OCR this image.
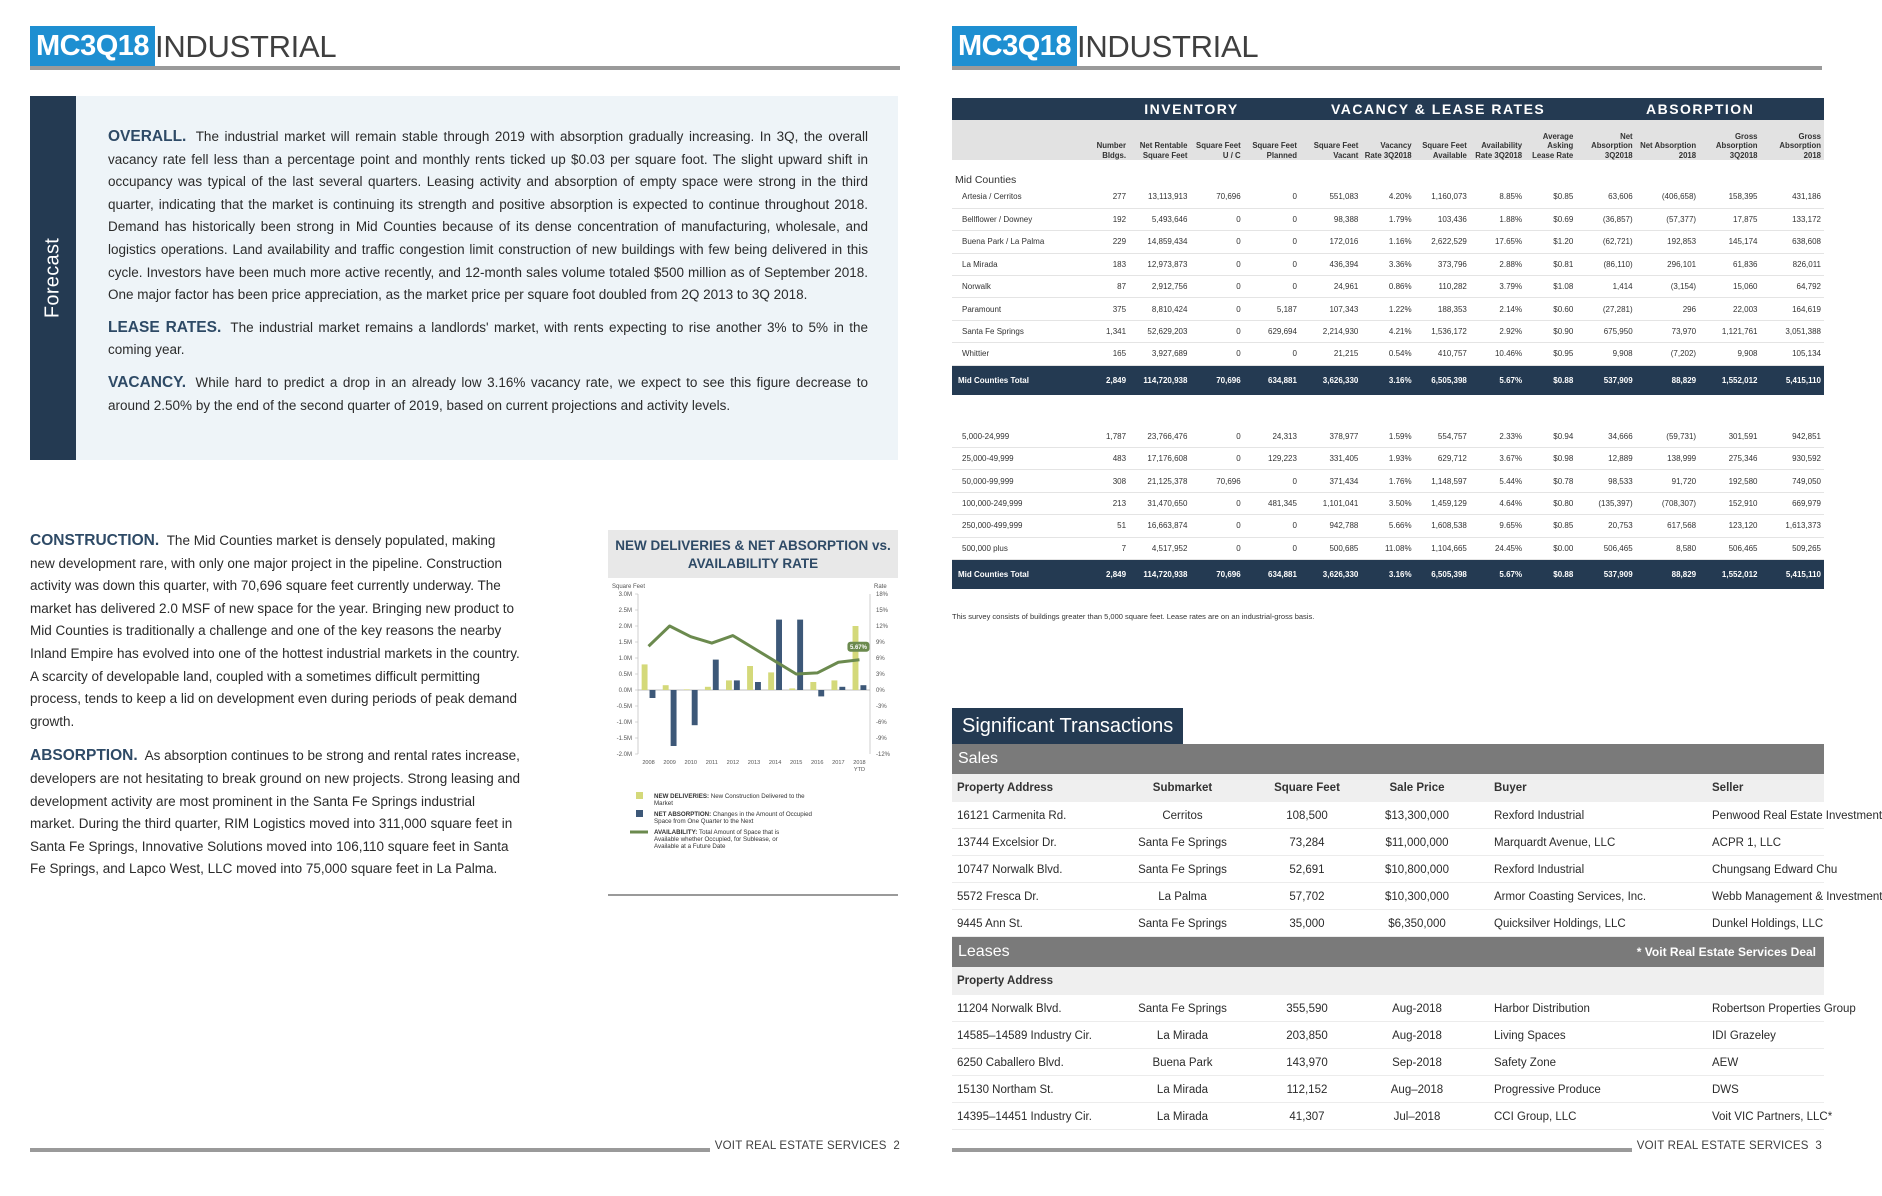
MC3Q18 INDUSTRIAL
Forecast

OVERALL. The industrial market will remain stable through 2019 with absorption gradually increasing. In 3Q, the overall vacancy rate fell less than a percentage point and monthly rents ticked up $0.03 per square foot. The slight upward shift in occupancy was typical of the last several quarters. Leasing activity and absorption of empty space were strong in the third quarter, indicating that the market is continuing its strength and positive absorption is expected to continue throughout 2018. Demand has historically been strong in Mid Counties because of its dense concentration of manufacturing, wholesale, and logistics operations. Land availability and traffic congestion limit construction of new buildings with few being delivered in this cycle. Investors have been much more active recently, and 12-month sales volume totaled $500 million as of September 2018. One major factor has been price appreciation, as the market price per square foot doubled from 2Q 2013 to 3Q 2018.

LEASE RATES. The industrial market remains a landlords' market, with rents expecting to rise another 3% to 5% in the coming year.

VACANCY. While hard to predict a drop in an already low 3.16% vacancy rate, we expect to see this figure decrease to around 2.50% by the end of the second quarter of 2019, based on current projections and activity levels.

CONSTRUCTION. The Mid Counties market is densely populated, making new development rare, with only one major project in the pipeline. Construction activity was down this quarter, with 70,696 square feet currently underway. The market has delivered 2.0 MSF of new space for the year. Bringing new product to Mid Counties is traditionally a challenge and one of the key reasons the nearby Inland Empire has evolved into one of the hottest industrial markets in the country. A scarcity of developable land, coupled with a sometimes difficult permitting process, tends to keep a lid on development even during periods of peak demand growth.

ABSORPTION. As absorption continues to be strong and rental rates increase, developers are not hesitating to break ground on new projects. Strong leasing and development activity are most prominent in the Santa Fe Springs industrial market. During the third quarter, RIM Logistics moved into 311,000 square feet in Santa Fe Springs, Innovative Solutions moved into 106,110 square feet in Santa Fe Springs, and Lapco West, LLC moved into 75,000 square feet in La Palma.

NEW DELIVERIES & NET ABSORPTION vs. AVAILABILITY RATE
Square Feet	Rate
3.0M
2.5M
2.0M
1.5M
1.0M
0.5M
0.0M
-0.5M
-1.0M
-1.5M
-2.0M
18%
15%
12%
9%
6%
3%
0%
-3%
-6%
-9%
-12%
2008 2009 2010 2011 2012 2013 2014 2015 2016 2017 2018
YTD
5.67%
NEW DELIVERIES: New Construction Delivered to the
Market
NET ABSORPTION: Changes in the Amount of Occupied
Space from One Quarter to the Next
AVAILABILITY: Total Amount of Space that is
Available whether Occupied, for Sublease, or
Available at a Future Date
VOIT REAL ESTATE SERVICES 2
MC3Q18 INDUSTRIAL
	INVENTORY				VACANCY & LEASE RATES					ABSORPTION			
	Number Bldgs.	Net Rentable Square Feet	Square Feet U / C	Square Feet Planned	Square Feet Vacant	Vacancy Rate 3Q2018	Square Feet Available	Availability Rate 3Q2018	Average Asking Lease Rate	Net Absorption 3Q2018	Net Absorption 2018	Gross Absorption 3Q2018	Gross Absorption 2018
Mid Counties													
Artesia / Cerritos	277	13,113,913	70,696	0	551,083	4.20%	1,160,073	8.85%	$0.85	63,606	(406,658)	158,395	431,186
Bellflower / Downey	192	5,493,646	0	0	98,388	1.79%	103,436	1.88%	$0.69	(36,857)	(57,377)	17,875	133,172
Buena Park / La Palma	229	14,859,434	0	0	172,016	1.16%	2,622,529	17.65%	$1.20	(62,721)	192,853	145,174	638,608
La Mirada	183	12,973,873	0	0	436,394	3.36%	373,796	2.88%	$0.81	(86,110)	296,101	61,836	826,011
Norwalk	87	2,912,756	0	0	24,961	0.86%	110,282	3.79%	$1.08	1,414	(3,154)	15,060	64,792
Paramount	375	8,810,424	0	5,187	107,343	1.22%	188,353	2.14%	$0.60	(27,281)	296	22,003	164,619
Santa Fe Springs	1,341	52,629,203	0	629,694	2,214,930	4.21%	1,536,172	2.92%	$0.90	675,950	73,970	1,121,761	3,051,388
Whittier	165	3,927,689	0	0	21,215	0.54%	410,757	10.46%	$0.95	9,908	(7,202)	9,908	105,134
Mid Counties Total	2,849	114,720,938	70,696	634,881	3,626,330	3.16%	6,505,398	5.67%	$0.88	537,909	88,829	1,552,012	5,415,110

5,000-24,999	1,787	23,766,476	0	24,313	378,977	1.59%	554,757	2.33%	$0.94	34,666	(59,731)	301,591	942,851
25,000-49,999	483	17,176,608	0	129,223	331,405	1.93%	629,712	3.67%	$0.98	12,889	138,999	275,346	930,592
50,000-99,999	308	21,125,378	70,696	0	371,434	1.76%	1,148,597	5.44%	$0.78	98,533	91,720	192,580	749,050
100,000-249,999	213	31,470,650	0	481,345	1,101,041	3.50%	1,459,129	4.64%	$0.80	(135,397)	(708,307)	152,910	669,979
250,000-499,999	51	16,663,874	0	0	942,788	5.66%	1,608,538	9.65%	$0.85	20,753	617,568	123,120	1,613,373
500,000 plus	7	4,517,952	0	0	500,685	11.08%	1,104,665	24.45%	$0.00	506,465	8,580	506,465	509,265
Mid Counties Total	2,849	114,720,938	70,696	634,881	3,626,330	3.16%	6,505,398	5.67%	$0.88	537,909	88,829	1,552,012	5,415,110
This survey consists of buildings greater than 5,000 square feet. Lease rates are on an industrial-gross basis.
Significant Transactions
Sales
Property Address	Submarket	Square Feet	Sale Price	Buyer	Seller
16121 Carmenita Rd.	Cerritos	108,500	$13,300,000	Rexford Industrial	Penwood Real Estate Investment
13744 Excelsior Dr.	Santa Fe Springs	73,284	$11,000,000	Marquardt Avenue, LLC	ACPR 1, LLC
10747 Norwalk Blvd.	Santa Fe Springs	52,691	$10,800,000	Rexford Industrial	Chungsang Edward Chu
5572 Fresca Dr.	La Palma	57,702	$10,300,000	Armor Coasting Services, Inc.	Webb Management & Investment
9445 Ann St.	Santa Fe Springs	35,000	$6,350,000	Quicksilver Holdings, LLC	Dunkel Holdings, LLC
Leases	* Voit Real Estate Services Deal
Property Address
11204 Norwalk Blvd.	Santa Fe Springs	355,590	Aug-2018	Harbor Distribution	Robertson Properties Group
14585–14589 Industry Cir.	La Mirada	203,850	Aug-2018	Living Spaces	IDI Grazeley
6250 Caballero Blvd.	Buena Park	143,970	Sep-2018	Safety Zone	AEW
15130 Northam St.	La Mirada	112,152	Aug–2018	Progressive Produce	DWS
14395–14451 Industry Cir.	La Mirada	41,307	Jul–2018	CCI Group, LLC	Voit VIC Partners, LLC*
VOIT REAL ESTATE SERVICES 3
